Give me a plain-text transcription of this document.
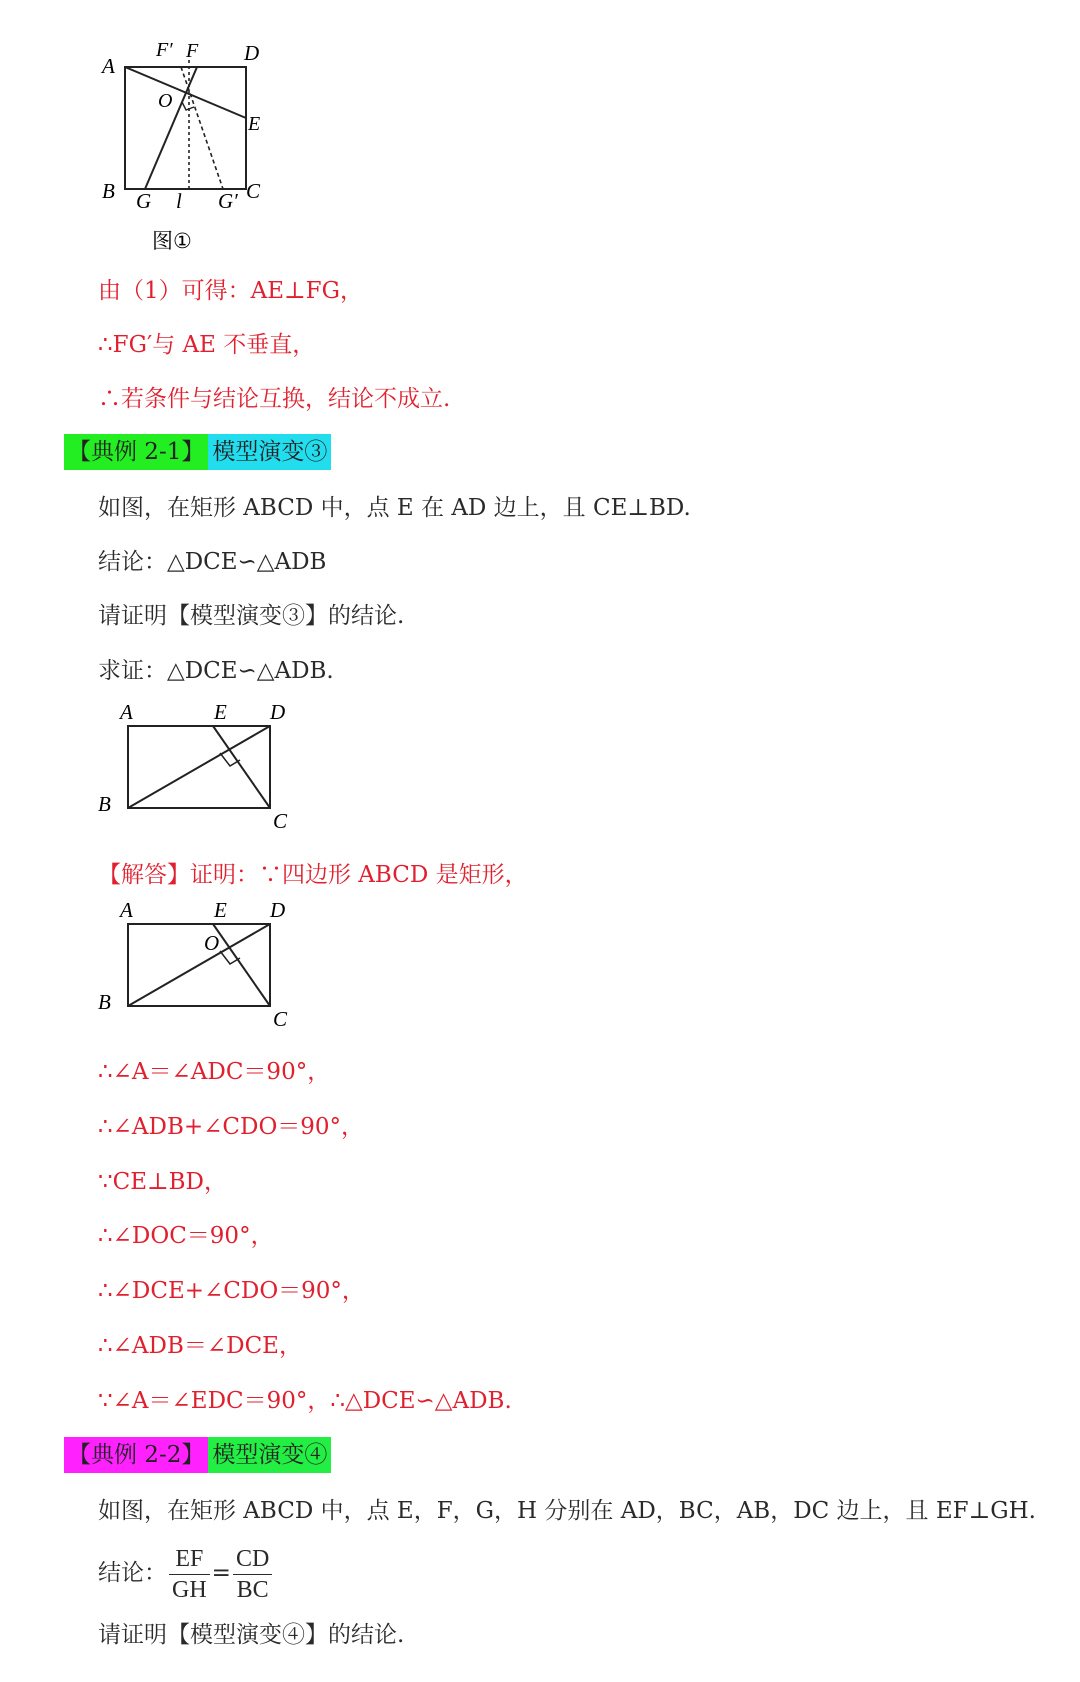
A
F′ F D
O
E
B G l G′ C
图①
由（1）可得：AE⊥FG，
∴FG′与 AE 不垂直，
∴若条件与结论互换，结论不成立.
【典例 2-1】 模型演变③
如图，在矩形 ABCD 中，点 E 在 AD 边上，且 CE⊥BD.
结论：△DCE∽△ADB
请证明【模型演变③】的结论.
求证：△DCE∽△ADB.
A	E D
B
C
【解答】证明：∵四边形 ABCD 是矩形，
A	E D
O
B
C
∴∠A＝∠ADC＝90°，
∴∠ADB+∠CDO＝90°，
∵CE⊥BD，
∴∠DOC＝90°，
∴∠DCE+∠CDO＝90°，
∴∠ADB＝∠DCE，
∵∠A＝∠EDC＝90°，∴△DCE∽△ADB.
【典例 2-2】 模型演变④
如图，在矩形 ABCD 中，点 E，F，G，H 分别在 AD，BC，AB，DC 边上，且 EF⊥GH.
结论： $\frac{EF}{GH} = \frac{CD}{BC}$
请证明【模型演变④】的结论.
